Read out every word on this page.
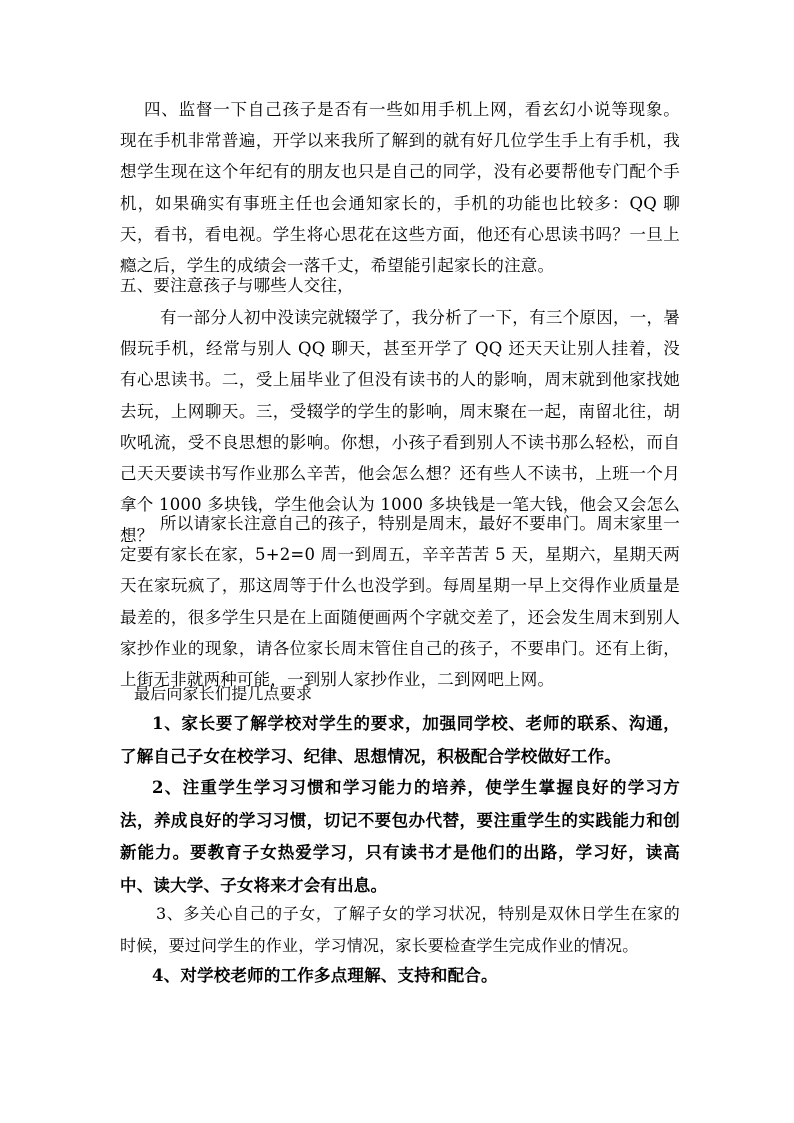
四、监督一下自己孩子是否有一些如用手机上网，看玄幻小说等现象。 现在手机非常普遍，开学以来我所了解到的就有好几位学生手上有手机，我想学生现在这个年纪有的朋友也只是自己的同学，没有必要帮他专门配个手机，如果确实有事班主任也会通知家长的，手机的功能也比较多：QQ 聊天，看书，看电视。学生将心思花在这些方面，他还有心思读书吗？一旦上瘾之后，学生的成绩会一落千丈，希望能引起家长的注意。

五、要注意孩子与哪些人交往，

有一部分人初中没读完就辍学了，我分析了一下，有三个原因，一，暑假玩手机，经常与别人 QQ 聊天，甚至开学了 QQ 还天天让别人挂着，没有心思读书。二，受上届毕业了但没有读书的人的影响，周末就到他家找她去玩，上网聊天。三，受辍学的学生的影响，周末聚在一起，南留北往，胡吹吼流，受不良思想的影响。你想，小孩子看到别人不读书那么轻松，而自己天天要读书写作业那么辛苦，他会怎么想？还有些人不读书，上班一个月拿个 1000 多块钱，学生他会认为 1000 多块钱是一笔大钱，他会又会怎么想？

所以请家长注意自己的孩子，特别是周末，最好不要串门。周末家里一定要有家长在家，5+2=0 周一到周五，辛辛苦苦 5 天，星期六，星期天两天在家玩疯了，那这周等于什么也没学到。每周星期一早上交得作业质量是最差的，很多学生只是在上面随便画两个字就交差了，还会发生周末到别人家抄作业的现象，请各位家长周末管住自己的孩子，不要串门。还有上街，上街无非就两种可能，一到别人家抄作业，二到网吧上网。

最后向家长们提几点要求

1、家长要了解学校对学生的要求，加强同学校、老师的联系、沟通，了解自己子女在校学习、纪律、思想情况，积极配合学校做好工作。

2、注重学生学习习惯和学习能力的培养，使学生掌握良好的学习方法，养成良好的学习习惯，切记不要包办代替，要注重学生的实践能力和创新能力。要教育子女热爱学习，只有读书才是他们的出路，学习好，读高中、读大学、子女将来才会有出息。

3、多关心自己的子女，了解子女的学习状况，特别是双休日学生在家的时候，要过问学生的作业，学习情况，家长要检查学生完成作业的情况。

4、对学校老师的工作多点理解、支持和配合。
